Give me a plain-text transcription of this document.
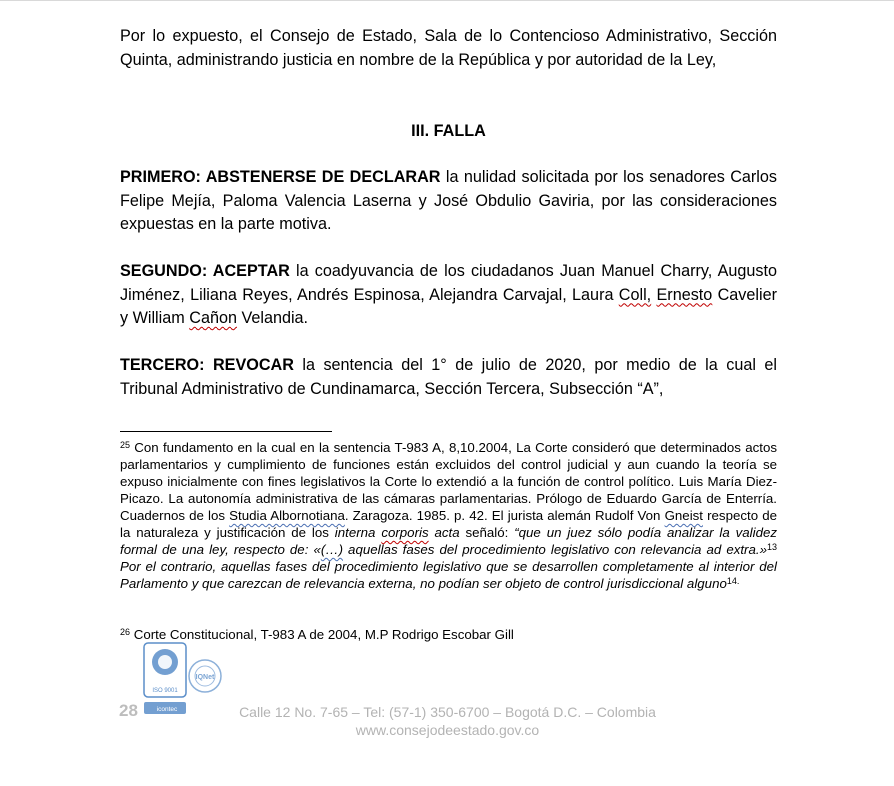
Por lo expuesto, el Consejo de Estado, Sala de lo Contencioso Administrativo, Sección Quinta, administrando justicia en nombre de la República y por autoridad de la Ley,

III. FALLA

PRIMERO: ABSTENERSE DE DECLARAR la nulidad solicitada por los senadores Carlos Felipe Mejía, Paloma Valencia Laserna y José Obdulio Gaviria, por las consideraciones expuestas en la parte motiva.

SEGUNDO: ACEPTAR la coadyuvancia de los ciudadanos Juan Manuel Charry, Augusto Jiménez, Liliana Reyes, Andrés Espinosa, Alejandra Carvajal, Laura Coll, Ernesto Cavelier y William Cañon Velandia.

TERCERO: REVOCAR la sentencia del 1° de julio de 2020, por medio de la cual el Tribunal Administrativo de Cundinamarca, Sección Tercera, Subsección “A”,

$^{25}$ Con fundamento en la cual en la sentencia T-983 A, 8,10.2004, La Corte consideró que determinados actos parlamentarios y cumplimiento de funciones están excluidos del control judicial y aun cuando la teoría se expuso inicialmente con fines legislativos la Corte lo extendió a la función de control político. Luis María Diez-Picazo. La autonomía administrativa de las cámaras parlamentarias. Prólogo de Eduardo García de Enterría. Cuadernos de los Studia Albornotiana. Zaragoza. 1985. p. 42. El jurista alemán Rudolf Von Gneist respecto de la naturaleza y justificación de los interna corporis acta señaló: “que un juez sólo podía analizar la validez formal de una ley, respecto de: «(…) aquellas fases del procedimiento legislativo con relevancia ad extra.»$^{13}$ Por el contrario, aquellas fases del procedimiento legislativo que se desarrollen completamente al interior del Parlamento y que carezcan de relevancia externa, no podían ser objeto de control jurisdiccional alguno$^{14.}$

$^{26}$ Corte Constitucional, T-983 A de 2004, M.P Rodrigo Escobar Gill

ISO 9001
icontec
IQNet
28	Calle 12 No. 7-65 – Tel: (57-1) 350-6700 – Bogotá D.C. – Colombia
www.consejodeestado.gov.co
